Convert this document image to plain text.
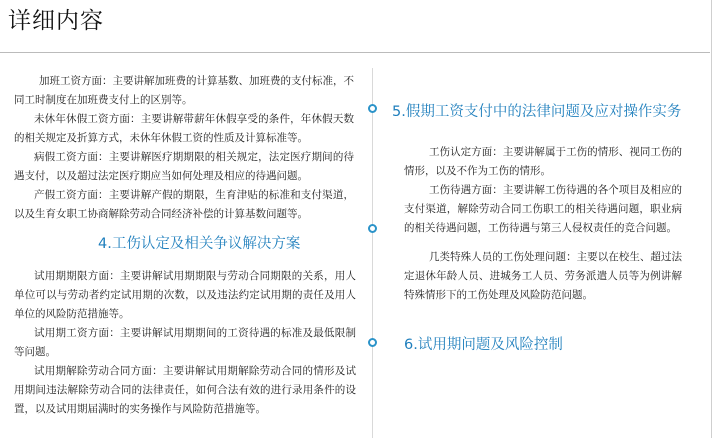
详细内容

加班工资方面：主要讲解加班费的计算基数、加班费的支付标准，不同工时制度在加班费支付上的区别等。

未休年休假工资方面：主要讲解带薪年休假享受的条件，年休假天数的相关规定及折算方式，未休年休假工资的性质及计算标准等。

病假工资方面：主要讲解医疗期期限的相关规定，法定医疗期间的待遇支付，以及超过法定医疗期应当如何处理及相应的待遇问题。

产假工资方面：主要讲解产假的期限，生育津贴的标准和支付渠道，以及生育女职工协商解除劳动合同经济补偿的计算基数问题等。

4.工伤认定及相关争议解决方案

试用期期限方面：主要讲解试用期期限与劳动合同期限的关系，用人单位可以与劳动者约定试用期的次数，以及违法约定试用期的责任及用人单位的风险防范措施等。

试用期工资方面：主要讲解试用期期间的工资待遇的标准及最低限制等问题。

试用期解除劳动合同方面：主要讲解试用期解除劳动合同的情形及试用期间违法解除劳动合同的法律责任，如何合法有效的进行录用条件的设置，以及试用期届满时的实务操作与风险防范措施等。

5.假期工资支付中的法律问题及应对操作实务

工伤认定方面：主要讲解属于工伤的情形、视同工伤的情形，以及不作为工伤的情形。

工伤待遇方面：主要讲解工伤待遇的各个项目及相应的支付渠道，解除劳动合同工伤职工的相关待遇问题，职业病的相关待遇问题，工伤待遇与第三人侵权责任的竞合问题。

几类特殊人员的工伤处理问题：主要以在校生、超过法定退休年龄人员、进城务工人员、劳务派遣人员等为例讲解特殊情形下的工伤处理及风险防范问题。

6.试用期问题及风险控制
